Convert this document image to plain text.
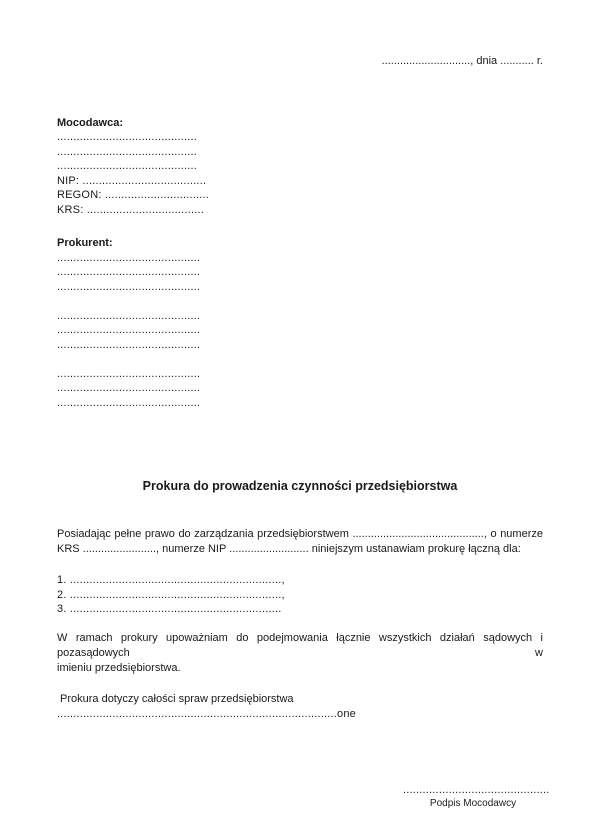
............................., dnia ........... r.
Mocodawca:
...........................................
...........................................
...........................................
NIP: ......................................
REGON: ................................
KRS: ....................................
Prokurent:
............................................
............................................
............................................
............................................
............................................
............................................
............................................
............................................
............................................
Prokura do prowadzenia czynności przedsiębiorstwa
Posiadając pełne prawo do zarządzania przedsiębiorstwem ..........................................., o numerze
KRS ........................, numerze NIP .......................... niniejszym ustanawiam prokurę łączną dla:
1. .................................................................,
2. .................................................................,
3. .................................................................
W ramach prokury upoważniam do podejmowania łącznie wszystkich działań sądowych i pozasądowych w
imieniu przedsiębiorstwa.
Prokura dotyczy całości spraw przedsiębiorstwa
......................................................................................one
.............................................
Podpis Mocodawcy
